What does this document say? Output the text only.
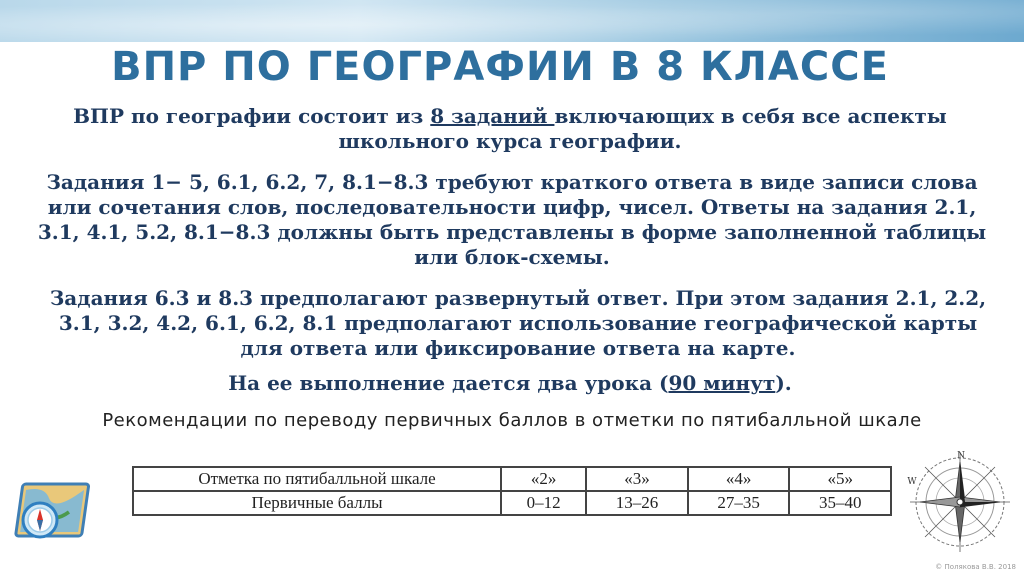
ВПР ПО ГЕОГРАФИИ В 8 КЛАССЕ
ВПР по географии состоит из 8 заданий включающих в себя все аспекты школьного курса географии.
Задания 1− 5, 6.1, 6.2, 7, 8.1−8.3 требуют краткого ответа в виде записи слова или сочетания слов, последовательности цифр, чисел. Ответы на задания 2.1, 3.1, 4.1, 5.2, 8.1−8.3 должны быть представлены в форме заполненной таблицы или блок-схемы.
Задания 6.3 и 8.3 предполагают развернутый ответ. При этом задания 2.1, 2.2, 3.1, 3.2, 4.2, 6.1, 6.2, 8.1 предполагают использование географической карты для ответа или фиксирование ответа на карте.
На ее выполнение дается два урока (90 минут).
Рекомендации по переводу первичных баллов в отметки по пятибалльной шкале
Отметка по пятибалльной шкале	«2»	«3»	«4»	«5»
Первичные баллы	0–12	13–26	27–35	35–40
N
W
© Полякова В.В. 2018
